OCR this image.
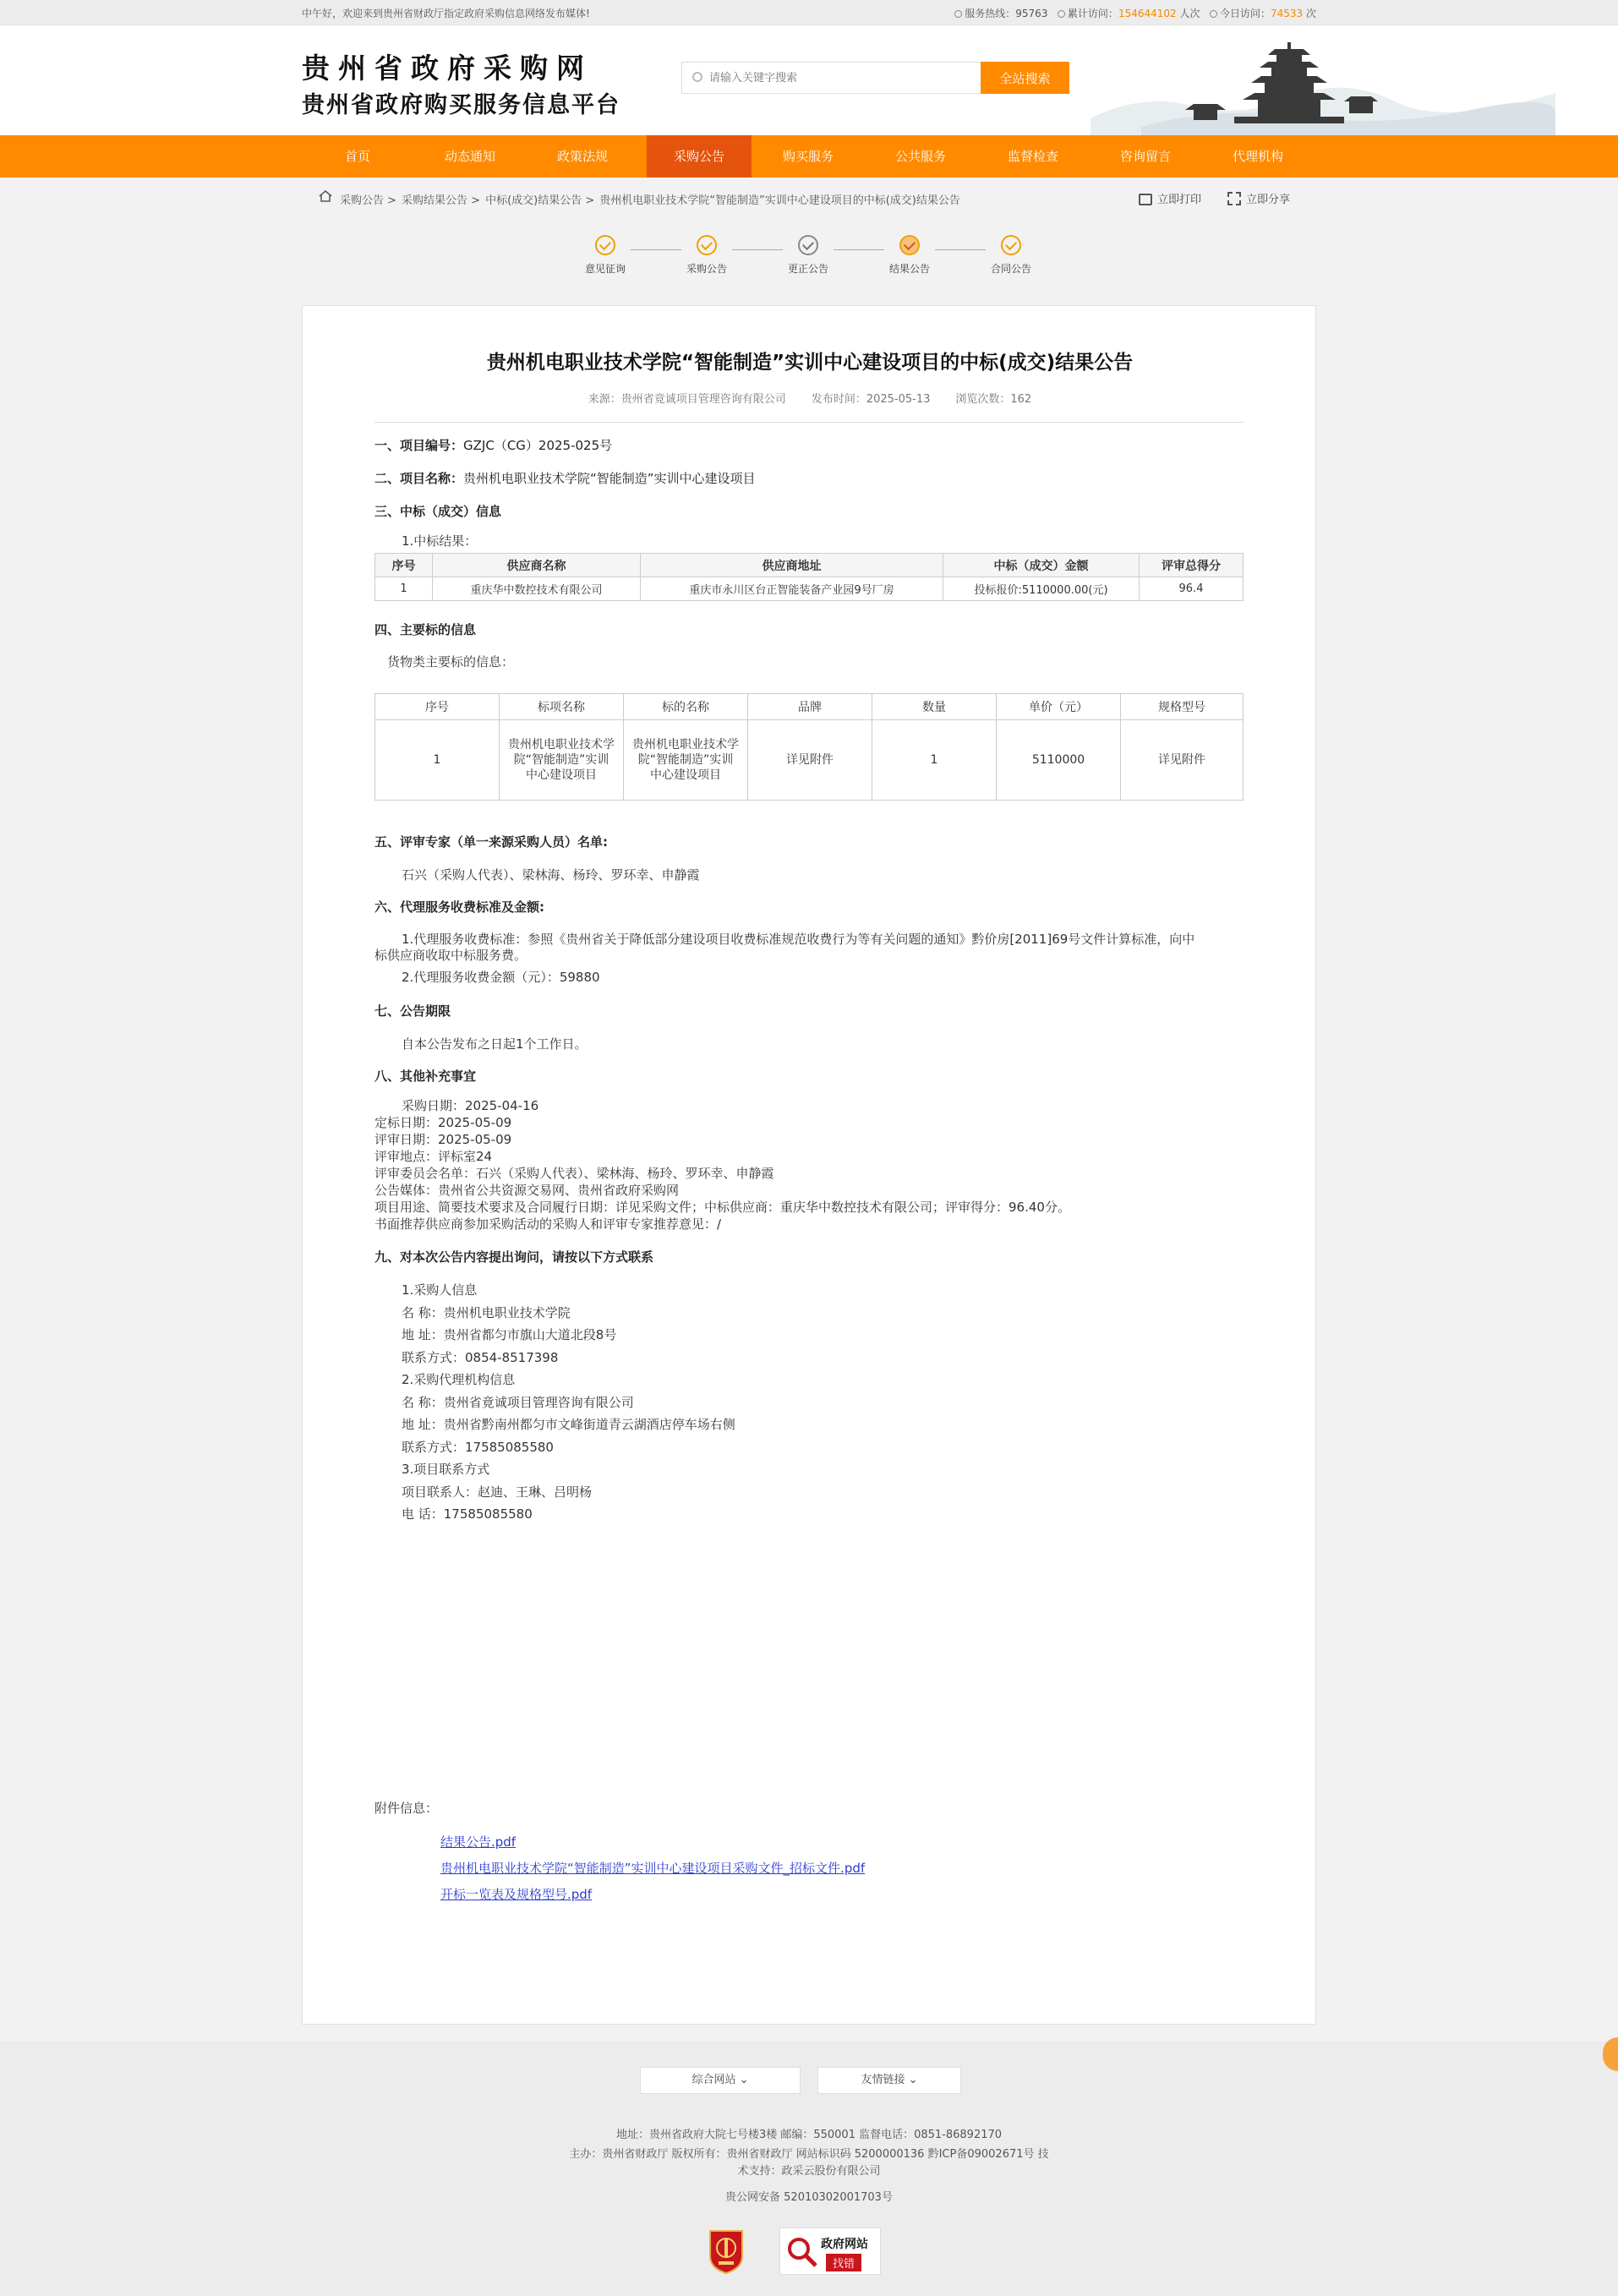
中午好，欢迎来到贵州省财政厅指定政府采购信息网络发布媒体!	服务热线：95763 累计访问：154644102 人次 今日访问：74533 次
贵州省政府采购网
贵州省政府购买服务信息平台
请输入关键字搜索
全站搜索
首页	动态通知	政策法规	采购公告	购买服务	公共服务	监督检查	咨询留言	代理机构
采购公告 > 采购结果公告 > 中标(成交)结果公告 > 贵州机电职业技术学院“智能制造”实训中心建设项目的中标(成交)结果公告	立即打印	立即分享
意见征询	采购公告	更正公告	结果公告	合同公告
贵州机电职业技术学院“智能制造”实训中心建设项目的中标(成交)结果公告
来源：贵州省竟诚项目管理咨询有限公司 发布时间：2025-05-13 浏览次数：162
一、项目编号：GZJC（CG）2025-025号
二、项目名称：贵州机电职业技术学院“智能制造”实训中心建设项目
三、中标（成交）信息
1.中标结果：
序号	供应商名称	供应商地址	中标（成交）金额	评审总得分
1	重庆华中数控技术有限公司	重庆市永川区台正智能装备产业园9号厂房	投标报价:5110000.00(元)	96.4
四、主要标的信息
货物类主要标的信息：
序号	标项名称	标的名称	品牌	数量	单价（元）	规格型号
1	贵州机电职业技术学院“智能制造”实训中心建设项目	贵州机电职业技术学院“智能制造”实训中心建设项目	详见附件	1	5110000	详见附件
五、评审专家（单一来源采购人员）名单:
石兴（采购人代表）、梁林海、杨玲、罗环幸、申静霞
六、代理服务收费标准及金额:
1.代理服务收费标准：参照《贵州省关于降低部分建设项目收费标准规范收费行为等有关问题的通知》黔价房[2011]69号文件计算标准，向中
标供应商收取中标服务费。
2.代理服务收费金额（元）：59880
七、公告期限
自本公告发布之日起1个工作日。
八、其他补充事宜
采购日期：2025-04-16
定标日期：2025-05-09
评审日期：2025-05-09
评审地点：评标室24
评审委员会名单：石兴（采购人代表）、梁林海、杨玲、罗环幸、申静霞
公告媒体：贵州省公共资源交易网、贵州省政府采购网
项目用途、简要技术要求及合同履行日期：详见采购文件；中标供应商：重庆华中数控技术有限公司；评审得分：96.40分。
书面推荐供应商参加采购活动的采购人和评审专家推荐意见：/
九、对本次公告内容提出询问，请按以下方式联系
1.采购人信息
名 称：贵州机电职业技术学院
地 址：贵州省都匀市旗山大道北段8号
联系方式：0854-8517398
2.采购代理机构信息
名 称：贵州省竟诚项目管理咨询有限公司
地 址：贵州省黔南州都匀市文峰街道青云湖酒店停车场右侧
联系方式：17585085580
3.项目联系方式
项目联系人：赵迪、王琳、吕明杨
电 话：17585085580
附件信息：
结果公告.pdf
贵州机电职业技术学院“智能制造”实训中心建设项目采购文件_招标文件.pdf
开标一览表及规格型号.pdf
综合网站 ⌄	友情链接 ⌄
地址：贵州省政府大院七号楼3楼 邮编：550001 监督电话：0851-86892170
主办：贵州省财政厅 版权所有：贵州省财政厅 网站标识码 5200000136 黔ICP备09002671号 技
术支持：政采云股份有限公司
贵公网安备 52010302001703号
政府网站
找错
